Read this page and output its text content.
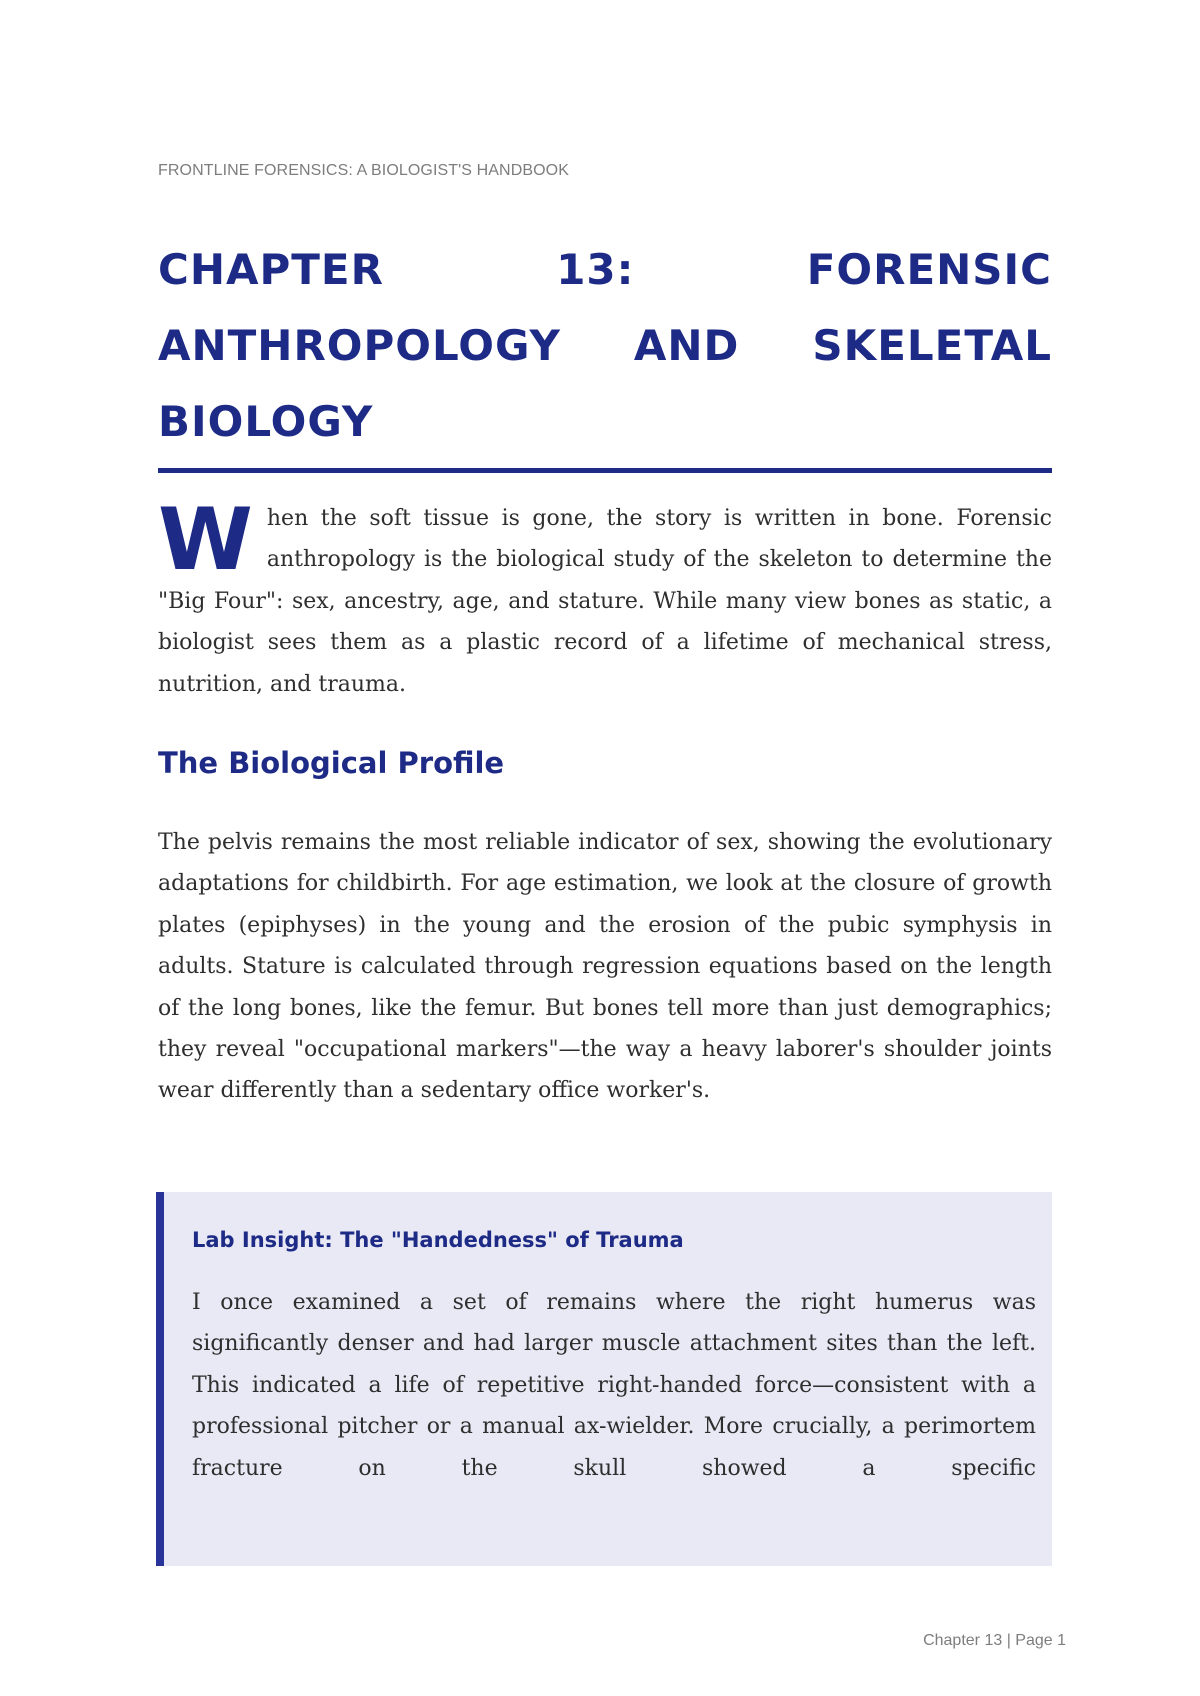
FRONTLINE FORENSICS: A BIOLOGIST'S HANDBOOK
CHAPTER 13: FORENSIC ANTHROPOLOGY AND SKELETAL BIOLOGY

W hen the soft tissue is gone, the story is written in bone. Forensic anthropology is the biological study of the skeleton to determine the "Big Four": sex, ancestry, age, and stature. While many view bones as static, a biologist sees them as a plastic record of a lifetime of mechanical stress, nutrition, and trauma.

The Biological Profile

The pelvis remains the most reliable indicator of sex, showing the evolutionary adaptations for childbirth. For age estimation, we look at the closure of growth plates (epiphyses) in the young and the erosion of the pubic symphysis in adults. Stature is calculated through regression equations based on the length of the long bones, like the femur. But bones tell more than just demographics; they reveal "occupational markers"—the way a heavy laborer's shoulder joints wear differently than a sedentary office worker's.

Lab Insight: The "Handedness" of Trauma

I once examined a set of remains where the right humerus was significantly denser and had larger muscle attachment sites than the left. This indicated a life of repetitive right-handed force—consistent with a professional pitcher or a manual ax-wielder. More crucially, a perimortem fracture on the skull showed a specific

Chapter 13 | Page 1
